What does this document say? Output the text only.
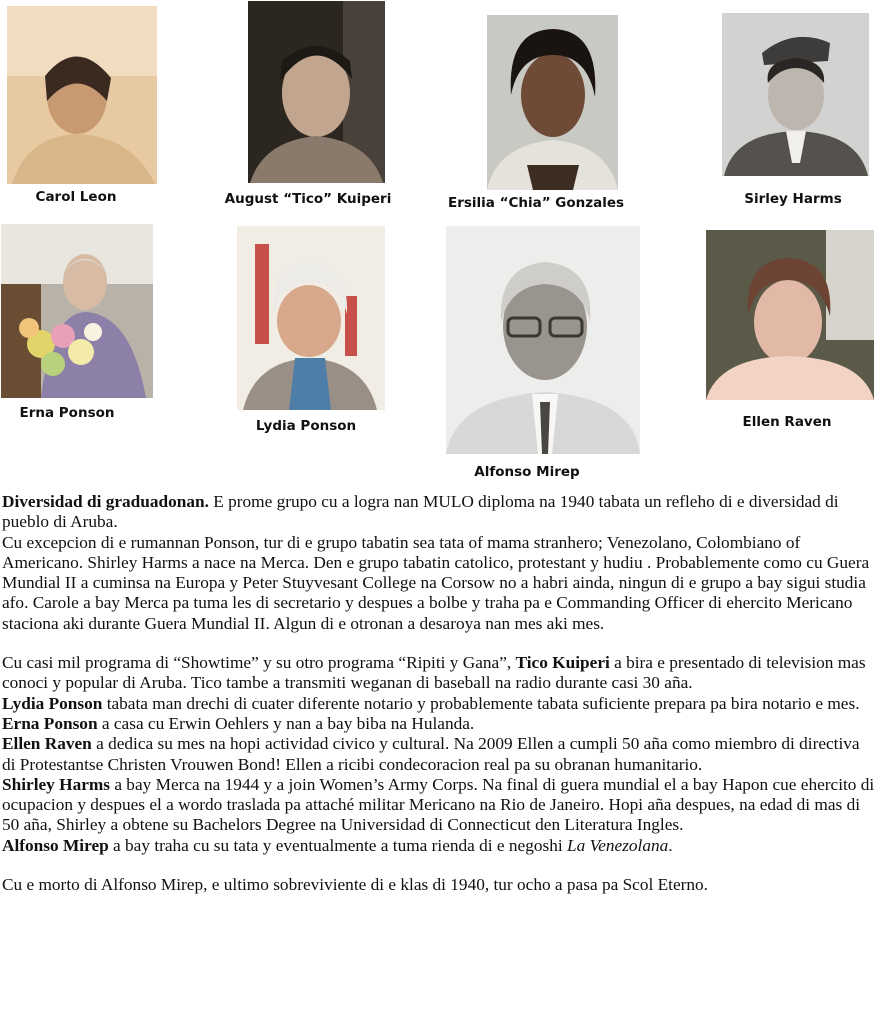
Carol Leon	August “Tico” Kuiperi	Ersilia “Chia” Gonzales	Sirley Harms
Erna Ponson
Lydia Ponson
Alfonso Mirep
Ellen Raven

Diversidad di graduadonan. E prome grupo cu a logra nan MULO diploma na 1940 tabata un refleho di e diversidad di pueblo di Aruba.

Cu excepcion di e rumannan Ponson, tur di e grupo tabatin sea tata of mama stranhero; Venezolano, Colombiano of Americano. Shirley Harms a nace na Merca. Den e grupo tabatin catolico, protestant y hudiu . Probablemente como cu Guera Mundial II a cuminsa na Europa y Peter Stuyvesant College na Corsow no a habri ainda, ningun di e grupo a bay sigui studia afo. Carole a bay Merca pa tuma les di secretario y despues a bolbe y traha pa e Commanding Officer di ehercito Mericano staciona aki durante Guera Mundial II. Algun di e otronan a desaroya nan mes aki mes.

Cu casi mil programa di “Showtime” y su otro programa “Ripiti y Gana”, Tico Kuiperi a bira e presentado di television mas conoci y popular di Aruba. Tico tambe a transmiti weganan di baseball na radio durante casi 30 aña.

Lydia Ponson tabata man drechi di cuater diferente notario y probablemente tabata suficiente prepara pa bira notario e mes. Erna Ponson a casa cu Erwin Oehlers y nan a bay biba na Hulanda.

Ellen Raven a dedica su mes na hopi actividad civico y cultural. Na 2009 Ellen a cumpli 50 aña como miembro di directiva di Protestantse Christen Vrouwen Bond! Ellen a ricibi condecoracion real pa su obranan humanitario.

Shirley Harms a bay Merca na 1944 y a join Women’s Army Corps. Na final di guera mundial el a bay Hapon cue ehercito di ocupacion y despues el a wordo traslada pa attaché militar Mericano na Rio de Janeiro. Hopi aña despues, na edad di mas di 50 aña, Shirley a obtene su Bachelors Degree na Universidad di Connecticut den Literatura Ingles.

Alfonso Mirep a bay traha cu su tata y eventualmente a tuma rienda di e negoshi La Venezolana.

Cu e morto di Alfonso Mirep, e ultimo sobreviviente di e klas di 1940, tur ocho a pasa pa Scol Eterno.
